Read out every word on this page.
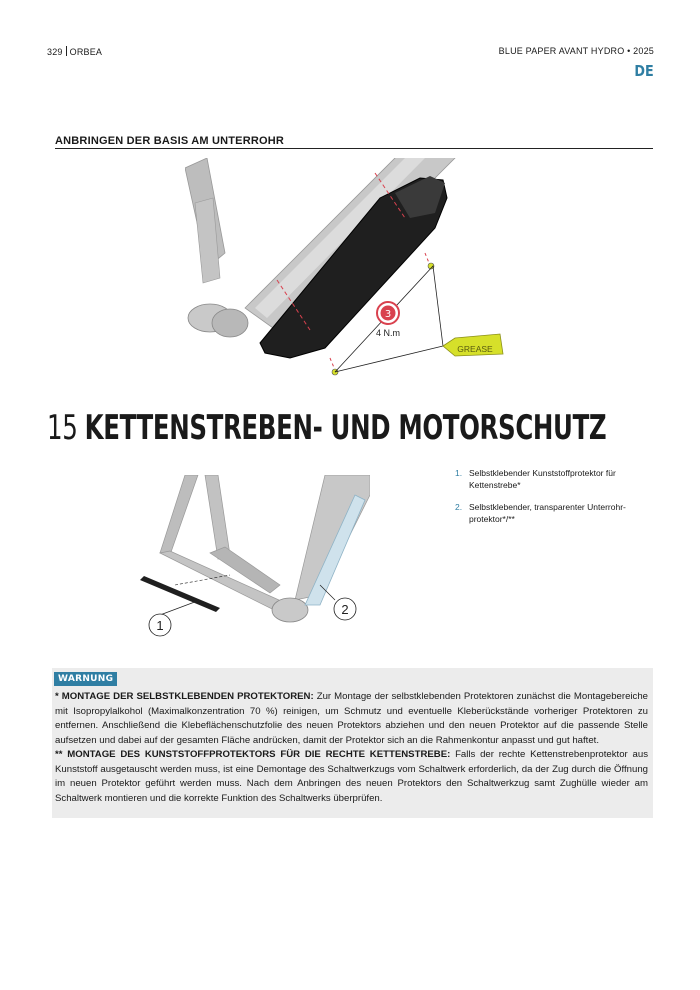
329 ORBEA	BLUE PAPER AVANT HYDRO • 2025
DE
ANBRINGEN DER BASIS AM UNTERROHR
3
4 N.m
GREASE
15 KETTENSTREBEN- UND MOTORSCHUTZ
1
2
1. Selbstklebender Kunststoffprotektor für Kettenstrebe*
2. Selbstklebender, transparenter Unterrohr-protektor*/**
WARNUNG

* MONTAGE DER SELBSTKLEBENDEN PROTEKTOREN: Zur Montage der selbstklebenden Protektoren zunächst die Montagebereiche mit Isopropylalkohol (Maximalkonzentration 70 %) reinigen, um Schmutz und eventuelle Kleberückstände vorheriger Protektoren zu entfernen. Anschließend die Klebeflächenschutzfolie des neuen Protektors abziehen und den neuen Protektor auf die passende Stelle aufsetzen und dabei auf der gesamten Fläche andrücken, damit der Protektor sich an die Rahmenkontur anpasst und gut haftet.

** MONTAGE DES KUNSTSTOFFPROTEKTORS FÜR DIE RECHTE KETTENSTREBE: Falls der rechte Kettenstrebenprotektor aus Kunststoff ausgetauscht werden muss, ist eine Demontage des Schaltwerkzugs vom Schaltwerk erforderlich, da der Zug durch die Öffnung im neuen Protektor geführt werden muss. Nach dem Anbringen des neuen Protektors den Schaltwerkzug samt Zughülle wieder am Schaltwerk montieren und die korrekte Funktion des Schaltwerks überprüfen.
